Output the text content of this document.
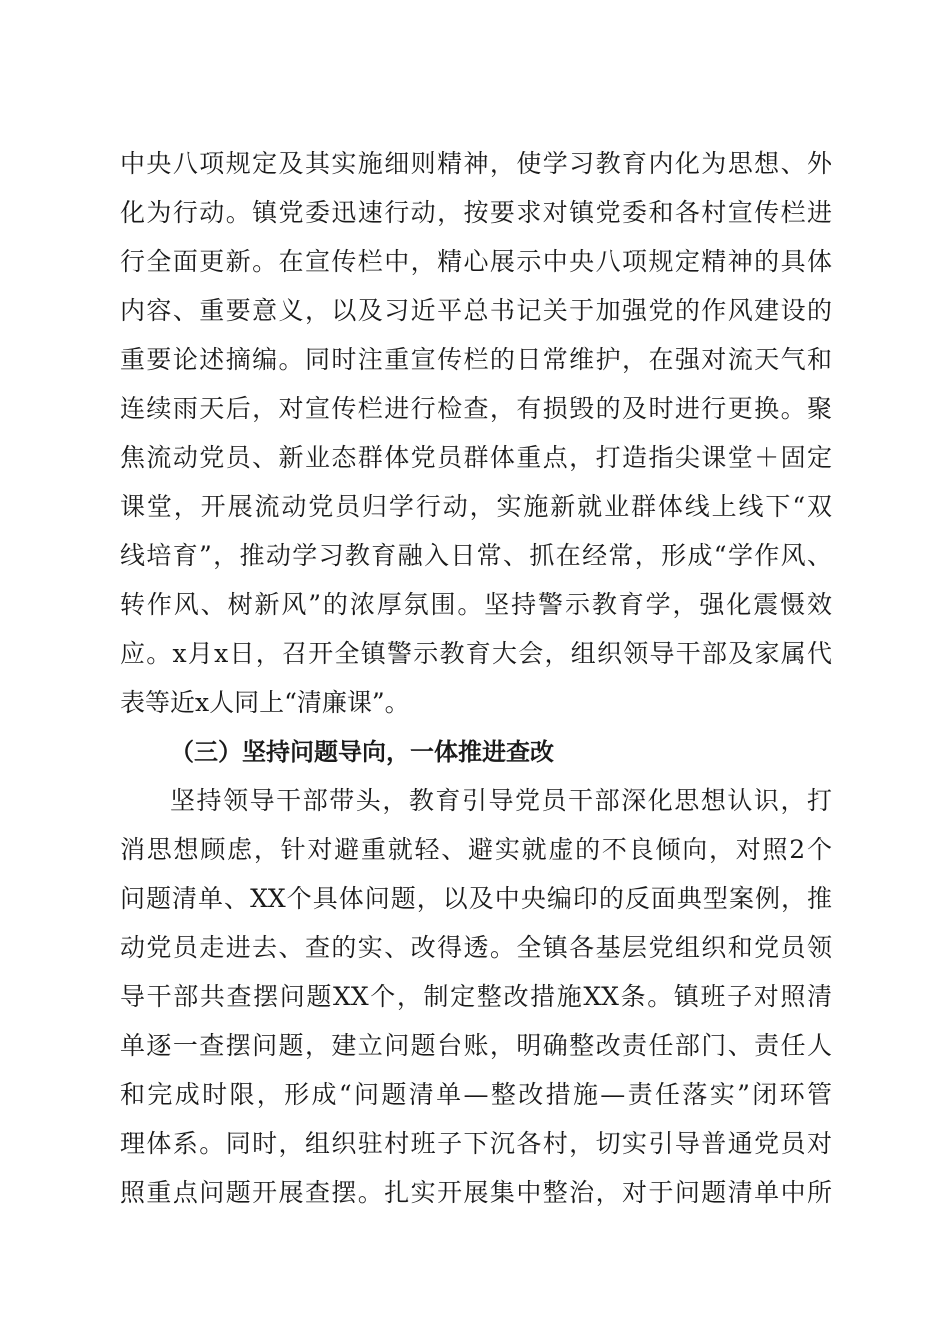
中央八项规定及其实施细则精神，使学习教育内化为思想、外
化为行动。镇党委迅速行动，按要求对镇党委和各村宣传栏进
行全面更新。在宣传栏中，精心展示中央八项规定精神的具体
内容、重要意义，以及习近平总书记关于加强党的作风建设的
重要论述摘编。同时注重宣传栏的日常维护，在强对流天气和
连续雨天后，对宣传栏进行检查，有损毁的及时进行更换。聚
焦流动党员、新业态群体党员群体重点，打造指尖课堂＋固定
课堂，开展流动党员归学行动，实施新就业群体线上线下“双
线培育”，推动学习教育融入日常、抓在经常，形成“学作风、
转作风、树新风”的浓厚氛围。坚持警示教育学，强化震慑效
应。x月x日，召开全镇警示教育大会，组织领导干部及家属代
表等近x人同上“清廉课”。
（三）坚持问题导向，一体推进查改
坚持领导干部带头，教育引导党员干部深化思想认识，打
消思想顾虑，针对避重就轻、避实就虚的不良倾向，对照2个
问题清单、XX个具体问题，以及中央编印的反面典型案例，推
动党员走进去、查的实、改得透。全镇各基层党组织和党员领
导干部共查摆问题XX个，制定整改措施XX条。镇班子对照清
单逐一查摆问题，建立问题台账，明确整改责任部门、责任人
和完成时限，形成“问题清单—整改措施—责任落实”闭环管
理体系。同时，组织驻村班子下沉各村，切实引导普通党员对
照重点问题开展查摆。扎实开展集中整治，对于问题清单中所
